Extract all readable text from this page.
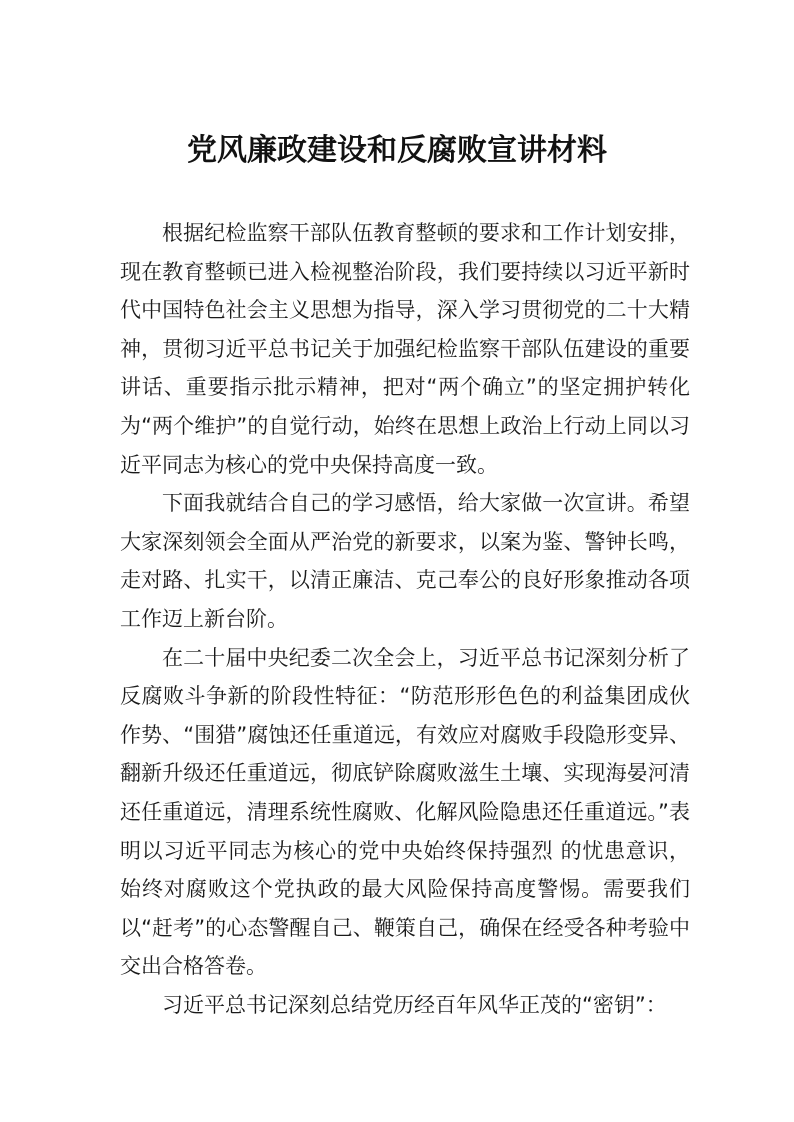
党风廉政建设和反腐败宣讲材料

根据纪检监察干部队伍教育整顿的要求和工作计划安排，现在教育整顿已进入检视整治阶段，我们要持续以习近平新时代中国特色社会主义思想为指导，深入学习贯彻党的二十大精神，贯彻习近平总书记关于加强纪检监察干部队伍建设的重要讲话、重要指示批示精神，把对“两个确立”的坚定拥护转化为“两个维护”的自觉行动，始终在思想上政治上行动上同以习近平同志为核心的党中央保持高度一致。

下面我就结合自己的学习感悟，给大家做一次宣讲。希望大家深刻领会全面从严治党的新要求，以案为鉴、警钟长鸣，走对路、扎实干，以清正廉洁、克己奉公的良好形象推动各项工作迈上新台阶。

在二十届中央纪委二次全会上，习近平总书记深刻分析了反腐败斗争新的阶段性特征：“防范形形色色的利益集团成伙作势、“围猎”腐蚀还任重道远，有效应对腐败手段隐形变异、翻新升级还任重道远，彻底铲除腐败滋生土壤、实现海晏河清还任重道远，清理系统性腐败、化解风险隐患还任重道远。”表明以习近平同志为核心的党中央始终保持强烈 的忧患意识，始终对腐败这个党执政的最大风险保持高度警惕。需要我们以“赶考”的心态警醒自己、鞭策自己，确保在经受各种考验中交出合格答卷。

习近平总书记深刻总结党历经百年风华正茂的“密钥”：
